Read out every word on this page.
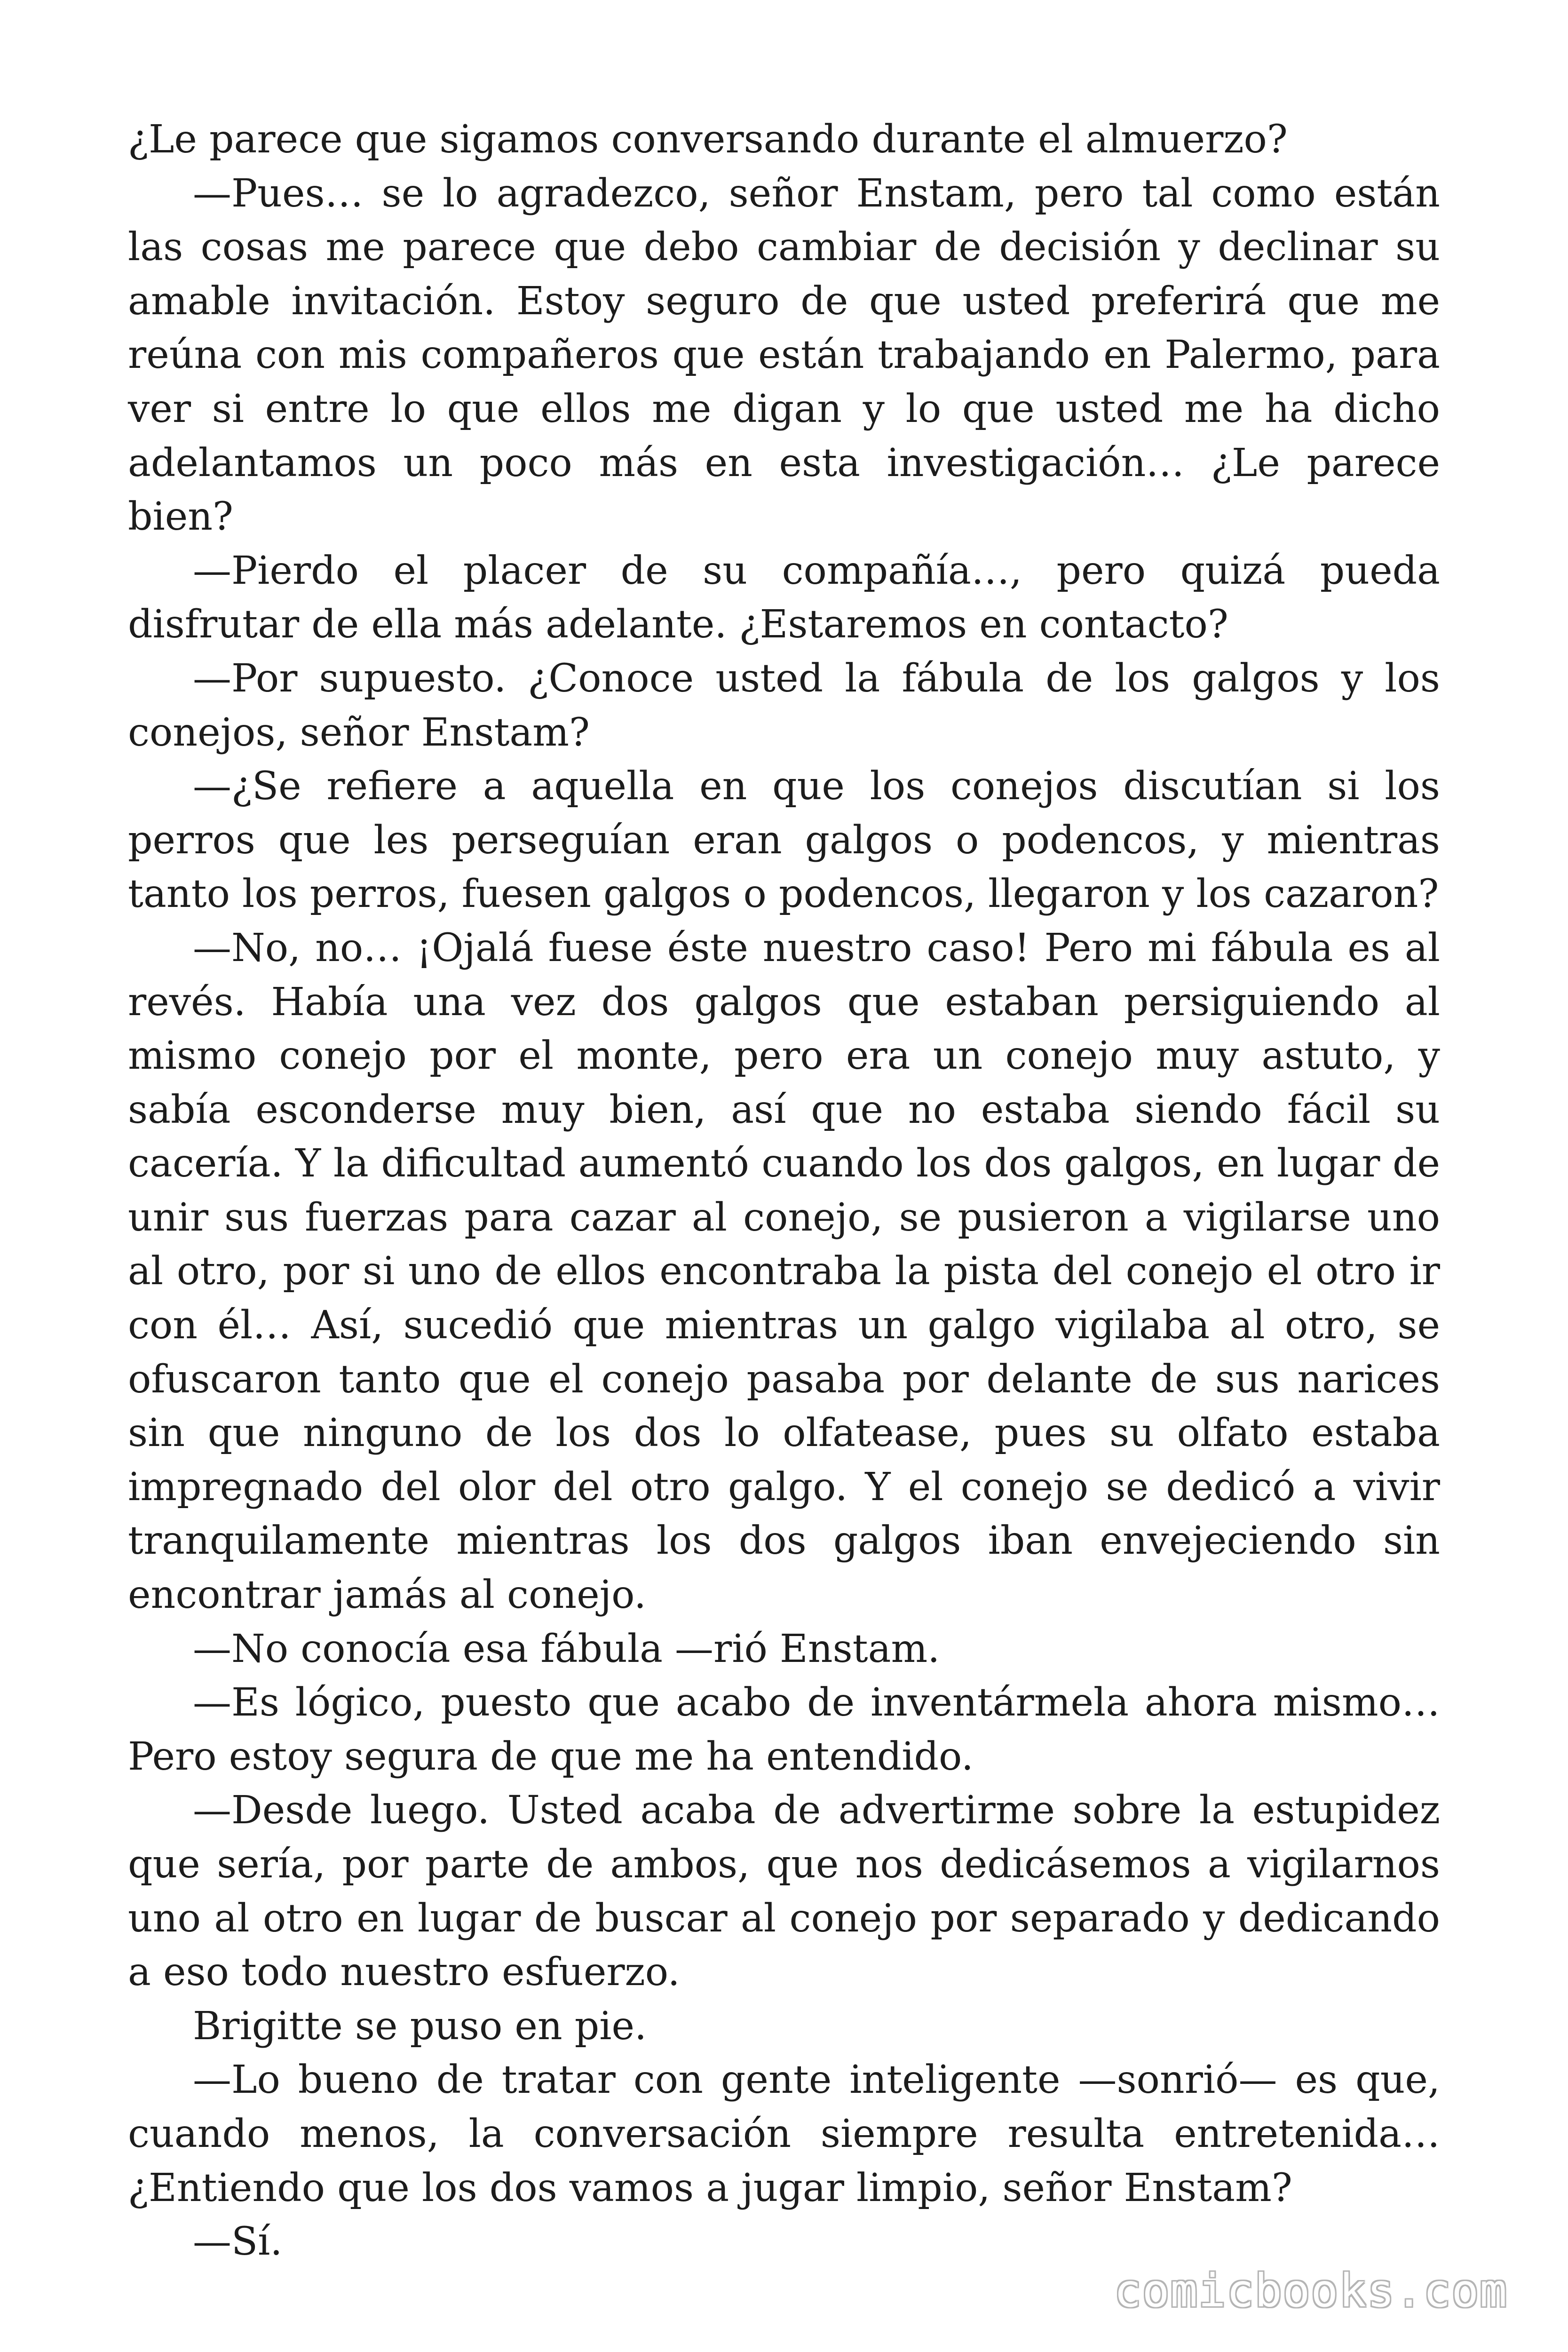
¿Le parece que sigamos conversando durante el almuerzo?

—Pues… se lo agradezco, señor Enstam, pero tal como están las cosas me parece que debo cambiar de decisión y declinar su amable invitación. Estoy seguro de que usted preferirá que me reúna con mis compañeros que están trabajando en Palermo, para ver si entre lo que ellos me digan y lo que usted me ha dicho adelantamos un poco más en esta investigación… ¿Le parece bien?

—Pierdo el placer de su compañía…, pero quizá pueda disfrutar de ella más adelante. ¿Estaremos en contacto?

—Por supuesto. ¿Conoce usted la fábula de los galgos y los conejos, señor Enstam?

—¿Se refiere a aquella en que los conejos discutían si los perros que les perseguían eran galgos o podencos, y mientras tanto los perros, fuesen galgos o podencos, llegaron y los cazaron?

—No, no… ¡Ojalá fuese éste nuestro caso! Pero mi fábula es al revés. Había una vez dos galgos que estaban persiguiendo al mismo conejo por el monte, pero era un conejo muy astuto, y sabía esconderse muy bien, así que no estaba siendo fácil su cacería. Y la dificultad aumentó cuando los dos galgos, en lugar de unir sus fuerzas para cazar al conejo, se pusieron a vigilarse uno al otro, por si uno de ellos encontraba la pista del conejo el otro ir con él… Así, sucedió que mientras un galgo vigilaba al otro, se ofuscaron tanto que el conejo pasaba por delante de sus narices sin que ninguno de los dos lo olfatease, pues su olfato estaba impregnado del olor del otro galgo. Y el conejo se dedicó a vivir tranquilamente mientras los dos galgos iban envejeciendo sin encontrar jamás al conejo.

—No conocía esa fábula —rió Enstam.

—Es lógico, puesto que acabo de inventármela ahora mismo… Pero estoy segura de que me ha entendido.

—Desde luego. Usted acaba de advertirme sobre la estupidez que sería, por parte de ambos, que nos dedicásemos a vigilarnos uno al otro en lugar de buscar al conejo por separado y dedicando a eso todo nuestro esfuerzo.

Brigitte se puso en pie.

—Lo bueno de tratar con gente inteligente —sonrió— es que, cuando menos, la conversación siempre resulta entretenida… ¿Entiendo que los dos vamos a jugar limpio, señor Enstam?

—Sí.

comicbooks.com
